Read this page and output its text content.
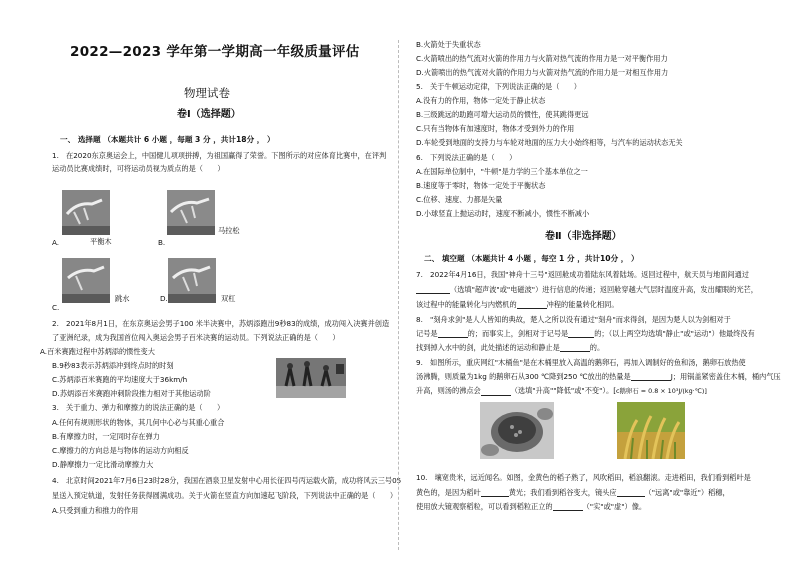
2022—2023 学年第一学期高一年级质量评估
物理试卷
卷Ⅰ（选择题）
一、 选择题 （本题共计 6 小题 ，每题 3 分 ，共计18分 ， ）
1.　在2020东京奥运会上，中国健儿项项拼搏，为祖国赢得了荣誉。下图所示的对应体育比赛中，在评判
运动员比赛成绩时，可将运动员视为质点的是（　　）
A.	平衡木	B.
马拉松
C.
跳水	D.	双杠
2.　2021年8月1日，在东京奥运会男子100 米半决赛中，苏炳添跑出9秒83的成绩，成功闯入决赛并创造
了亚洲纪录，成为我国首位闯入奥运会男子百米决赛的运动员。下列说法正确的是（　　）
A.百米赛跑过程中苏炳添的惯性变大
B.9秒83表示苏炳添冲到终点时的时刻
C.苏炳添百米赛跑的平均速度大于36km/h
D.苏炳添百米赛跑冲刺阶段推力相对于其他运动阶
3.　关于重力、弹力和摩擦力的说法正确的是（　　）
A.任何有规则形状的物体，其几何中心必与其重心重合
B.有摩擦力时，一定同时存在弹力
C.摩擦力的方向总是与物体的运动方向相反
D.静摩擦力一定比滑动摩擦力大
4.　北京时间2021年7月6日23时28分，我国在酒泉卫星发射中心用长征四号丙运载火箭，成功将风云三号05
星送入预定轨道，发射任务获得圆满成功。关于火箭在竖直方向加速起飞阶段，下列说法中正确的是（　　）
A.只受到重力和推力的作用
B.火箭处于失重状态
C.火箭喷出的热气流对火箭的作用力与火箭对热气流的作用力是一对平衡作用力
D.火箭喷出的热气流对火箭的作用力与火箭对热气流的作用力是一对相互作用力
5.　关于牛顿运动定律，下列说法正确的是（　　）
A.没有力的作用，物体一定处于静止状态
B.三级跳远的助跑可增大运动员的惯性，使其跳得更远
C.只有当物体有加速度时，物体才受到外力的作用
D.车轮受到地面的支持力与车轮对地面的压力大小始终相等，与汽车的运动状态无关
6.　下列说法正确的是（　　）
A.在国际单位制中，"牛顿"是力学的三个基本单位之一
B.速度等于零时，物体一定处于平衡状态
C.位移、速度、力都是矢量
D.小球竖直上抛运动时，速度不断减小，惯性不断减小
卷Ⅱ（非选择题）
二、 填空题 （本题共计 4 小题 ，每空 1 分 ，共计10分 ， ）
7.　2022年4月16日，我国"神舟十三号"返回舱成功着陆东风着陆场。返回过程中，航天员与地面间通过
（选填"超声波"或"电磁波"）进行信息的传递；返回舱穿越大气层时温度升高，发出耀眼的光芒，
该过程中的能量转化与内燃机的	冲程的能量转化相同。
8.　"刻舟求剑"是人人皆知的典故，楚人之所以没有通过"刻舟"而求得剑，是因为楚人以为剑相对于
记号是	的；而事实上，剑相对于记号是	的；（以上两空均选填"静止"或"运动"）他最终没有
找到掉入水中的剑，此处描述的运动和静止是	的。
9.　如图所示，重庆网红"木桶鱼"是在木桶里放入高温的鹅卵石，再加入调制好的鱼和汤，鹅卵石放热使
汤沸腾，则质量为1kg 的鹅卵石从300 ℃降到250 ℃放出的热量是	J；用锅盖紧密盖住木桶，桶内气压
升高，则汤的沸点会	（选填"升高""降低"或"不变"）。[c鹅卵石 = 0.8 × 10³J/(kg·℃)]
10.　壤宽贵米，远近闻名。如图，金黄色的稻子熟了，风吹稻田，稻浪翻滚。走进稻田，我们看到稻叶是
黄色的，是因为稻叶	黄光；我们看到稻谷变大，镜头应	（"远离"或"靠近"）稻穗，
使用放大镜观察稻粒，可以看到稻粒正立的	（"实"或"虚"）像。
